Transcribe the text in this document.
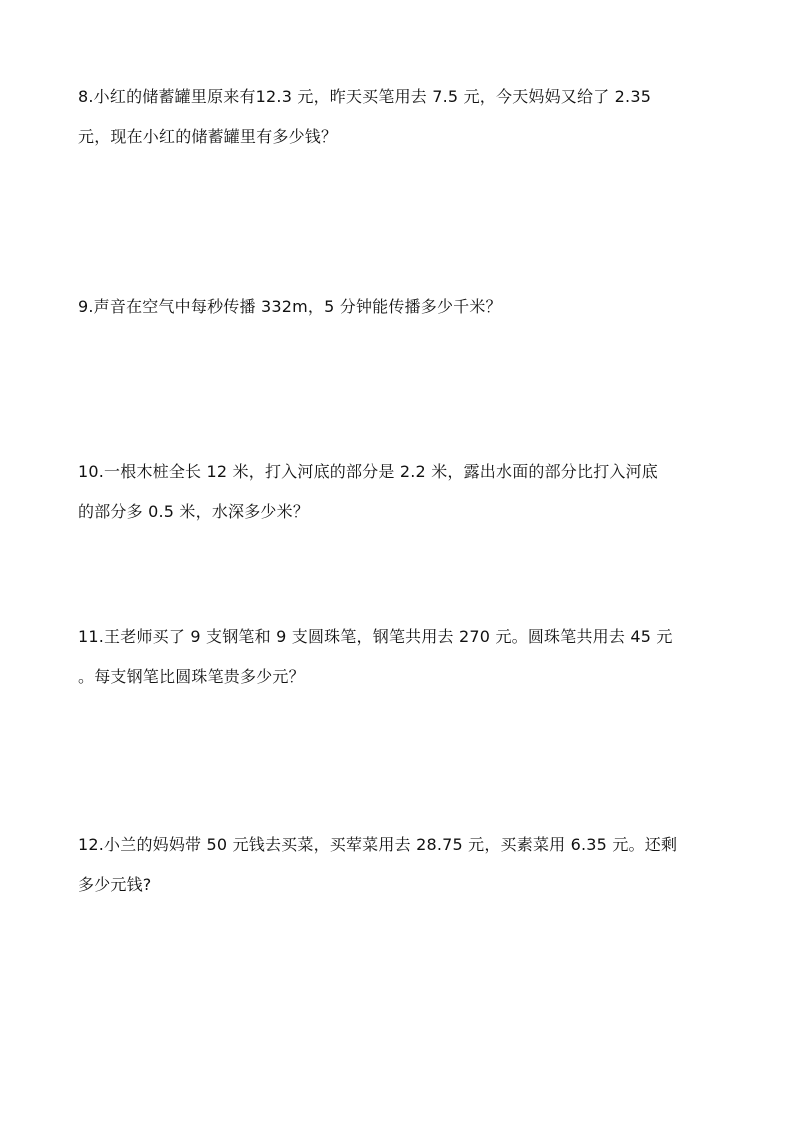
8.小红的储蓄罐里原来有12.3 元，昨天买笔用去 7.5 元，今天妈妈又给了 2.35
元，现在小红的储蓄罐里有多少钱？
9.声音在空气中每秒传播 332m，5 分钟能传播多少千米？
10.一根木桩全长 12 米，打入河底的部分是 2.2 米，露出水面的部分比打入河底
的部分多 0.5 米，水深多少米？
11.王老师买了 9 支钢笔和 9 支圆珠笔，钢笔共用去 270 元。圆珠笔共用去 45 元
。每支钢笔比圆珠笔贵多少元？
12.小兰的妈妈带 50 元钱去买菜，买荤菜用去 28.75 元，买素菜用 6.35 元。还剩
多少元钱?
